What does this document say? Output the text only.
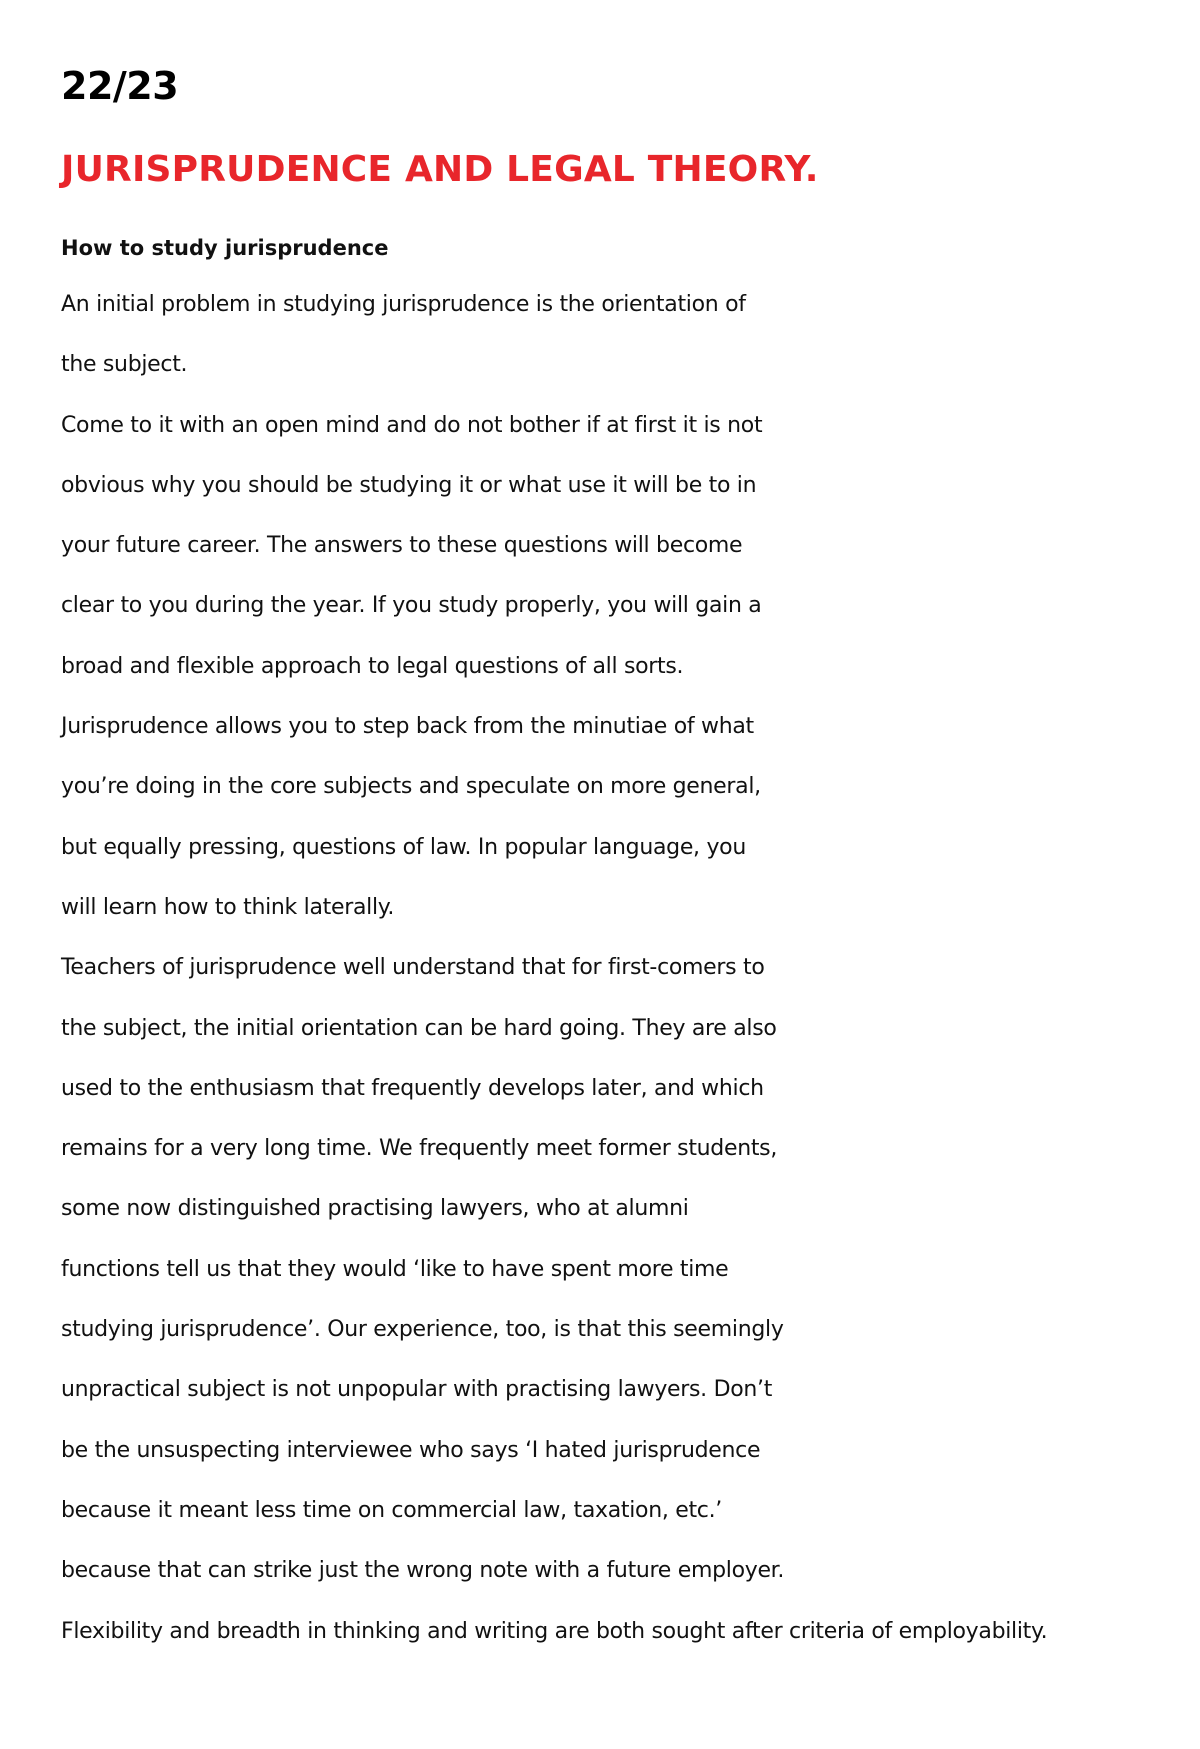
22/23
JURISPRUDENCE AND LEGAL THEORY.
How to study jurisprudence
An initial problem in studying jurisprudence is the orientation of
the subject.
Come to it with an open mind and do not bother if at first it is not
obvious why you should be studying it or what use it will be to in
your future career. The answers to these questions will become
clear to you during the year. If you study properly, you will gain a
broad and flexible approach to legal questions of all sorts.
Jurisprudence allows you to step back from the minutiae of what
you’re doing in the core subjects and speculate on more general,
but equally pressing, questions of law. In popular language, you
will learn how to think laterally.
Teachers of jurisprudence well understand that for first-comers to
the subject, the initial orientation can be hard going. They are also
used to the enthusiasm that frequently develops later, and which
remains for a very long time. We frequently meet former students,
some now distinguished practising lawyers, who at alumni
functions tell us that they would ‘like to have spent more time
studying jurisprudence’. Our experience, too, is that this seemingly
unpractical subject is not unpopular with practising lawyers. Don’t
be the unsuspecting interviewee who says ‘I hated jurisprudence
because it meant less time on commercial law, taxation, etc.’
because that can strike just the wrong note with a future employer.
Flexibility and breadth in thinking and writing are both sought after criteria of employability.
